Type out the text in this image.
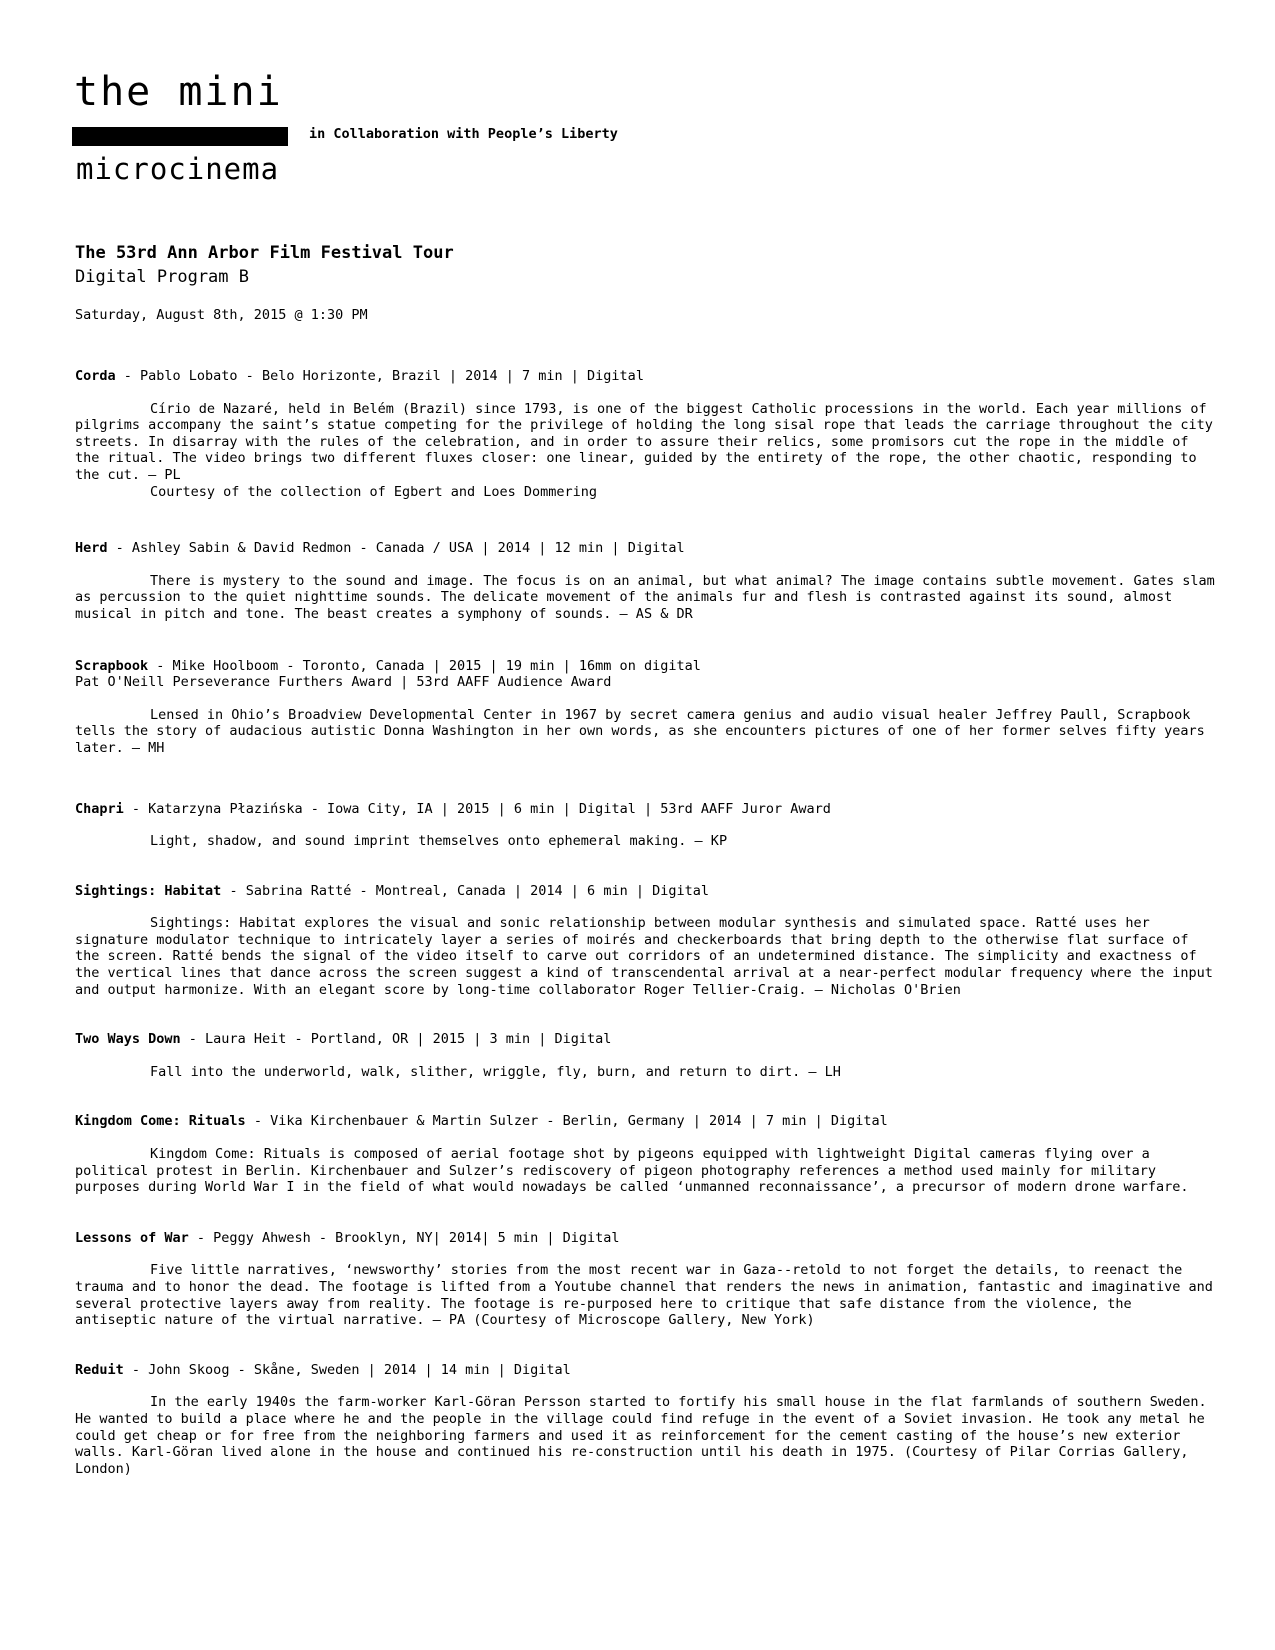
the mini
in Collaboration with People’s Liberty
microcinema
The 53rd Ann Arbor Film Festival Tour
Digital Program B
Saturday, August 8th, 2015 @ 1:30 PM

Corda - Pablo Lobato - Belo Horizonte, Brazil | 2014 | 7 min | Digital

Círio de Nazaré, held in Belém (Brazil) since 1793, is one of the biggest Catholic processions in the world. Each year millions of pilgrims accompany the saint’s statue competing for the privilege of holding the long sisal rope that leads the carriage throughout the city streets. In disarray with the rules of the celebration, and in order to assure their relics, some promisors cut the rope in the middle of the ritual. The video brings two different fluxes closer: one linear, guided by the entirety of the rope, the other chaotic, responding to the cut. – PL

Courtesy of the collection of Egbert and Loes Dommering

Herd - Ashley Sabin & David Redmon - Canada / USA | 2014 | 12 min | Digital

There is mystery to the sound and image. The focus is on an animal, but what animal? The image contains subtle movement. Gates slam as percussion to the quiet nighttime sounds. The delicate movement of the animals fur and flesh is contrasted against its sound, almost musical in pitch and tone. The beast creates a symphony of sounds. – AS & DR

Scrapbook - Mike Hoolboom - Toronto, Canada | 2015 | 19 min | 16mm on digital

Pat O'Neill Perseverance Furthers Award | 53rd AAFF Audience Award

Lensed in Ohio’s Broadview Developmental Center in 1967 by secret camera genius and audio visual healer Jeffrey Paull, Scrapbook tells the story of audacious autistic Donna Washington in her own words, as she encounters pictures of one of her former selves fifty years later. – MH

Chapri - Katarzyna Płazińska - Iowa City, IA | 2015 | 6 min | Digital | 53rd AAFF Juror Award

Light, shadow, and sound imprint themselves onto ephemeral making. – KP

Sightings: Habitat - Sabrina Ratté - Montreal, Canada | 2014 | 6 min | Digital

Sightings: Habitat explores the visual and sonic relationship between modular synthesis and simulated space. Ratté uses her signature modulator technique to intricately layer a series of moirés and checkerboards that bring depth to the otherwise flat surface of the screen. Ratté bends the signal of the video itself to carve out corridors of an undetermined distance. The simplicity and exactness of the vertical lines that dance across the screen suggest a kind of transcendental arrival at a near-perfect modular frequency where the input and output harmonize. With an elegant score by long-time collaborator Roger Tellier-Craig. – Nicholas O'Brien

Two Ways Down - Laura Heit - Portland, OR | 2015 | 3 min | Digital

Fall into the underworld, walk, slither, wriggle, fly, burn, and return to dirt. – LH

Kingdom Come: Rituals - Vika Kirchenbauer & Martin Sulzer - Berlin, Germany | 2014 | 7 min | Digital

Kingdom Come: Rituals is composed of aerial footage shot by pigeons equipped with lightweight Digital cameras flying over a political protest in Berlin. Kirchenbauer and Sulzer’s rediscovery of pigeon photography references a method used mainly for military purposes during World War I in the field of what would nowadays be called ‘unmanned reconnaissance’, a precursor of modern drone warfare.

Lessons of War - Peggy Ahwesh - Brooklyn, NY| 2014| 5 min | Digital

Five little narratives, ‘newsworthy’ stories from the most recent war in Gaza--retold to not forget the details, to reenact the trauma and to honor the dead. The footage is lifted from a Youtube channel that renders the news in animation, fantastic and imaginative and several protective layers away from reality. The footage is re-purposed here to critique that safe distance from the violence, the antiseptic nature of the virtual narrative. – PA (Courtesy of Microscope Gallery, New York)

Reduit - John Skoog - Skåne, Sweden | 2014 | 14 min | Digital

In the early 1940s the farm-worker Karl-Göran Persson started to fortify his small house in the flat farmlands of southern Sweden. He wanted to build a place where he and the people in the village could find refuge in the event of a Soviet invasion. He took any metal he could get cheap or for free from the neighboring farmers and used it as reinforcement for the cement casting of the house’s new exterior walls. Karl-Göran lived alone in the house and continued his re-construction until his death in 1975. (Courtesy of Pilar Corrias Gallery, London)
